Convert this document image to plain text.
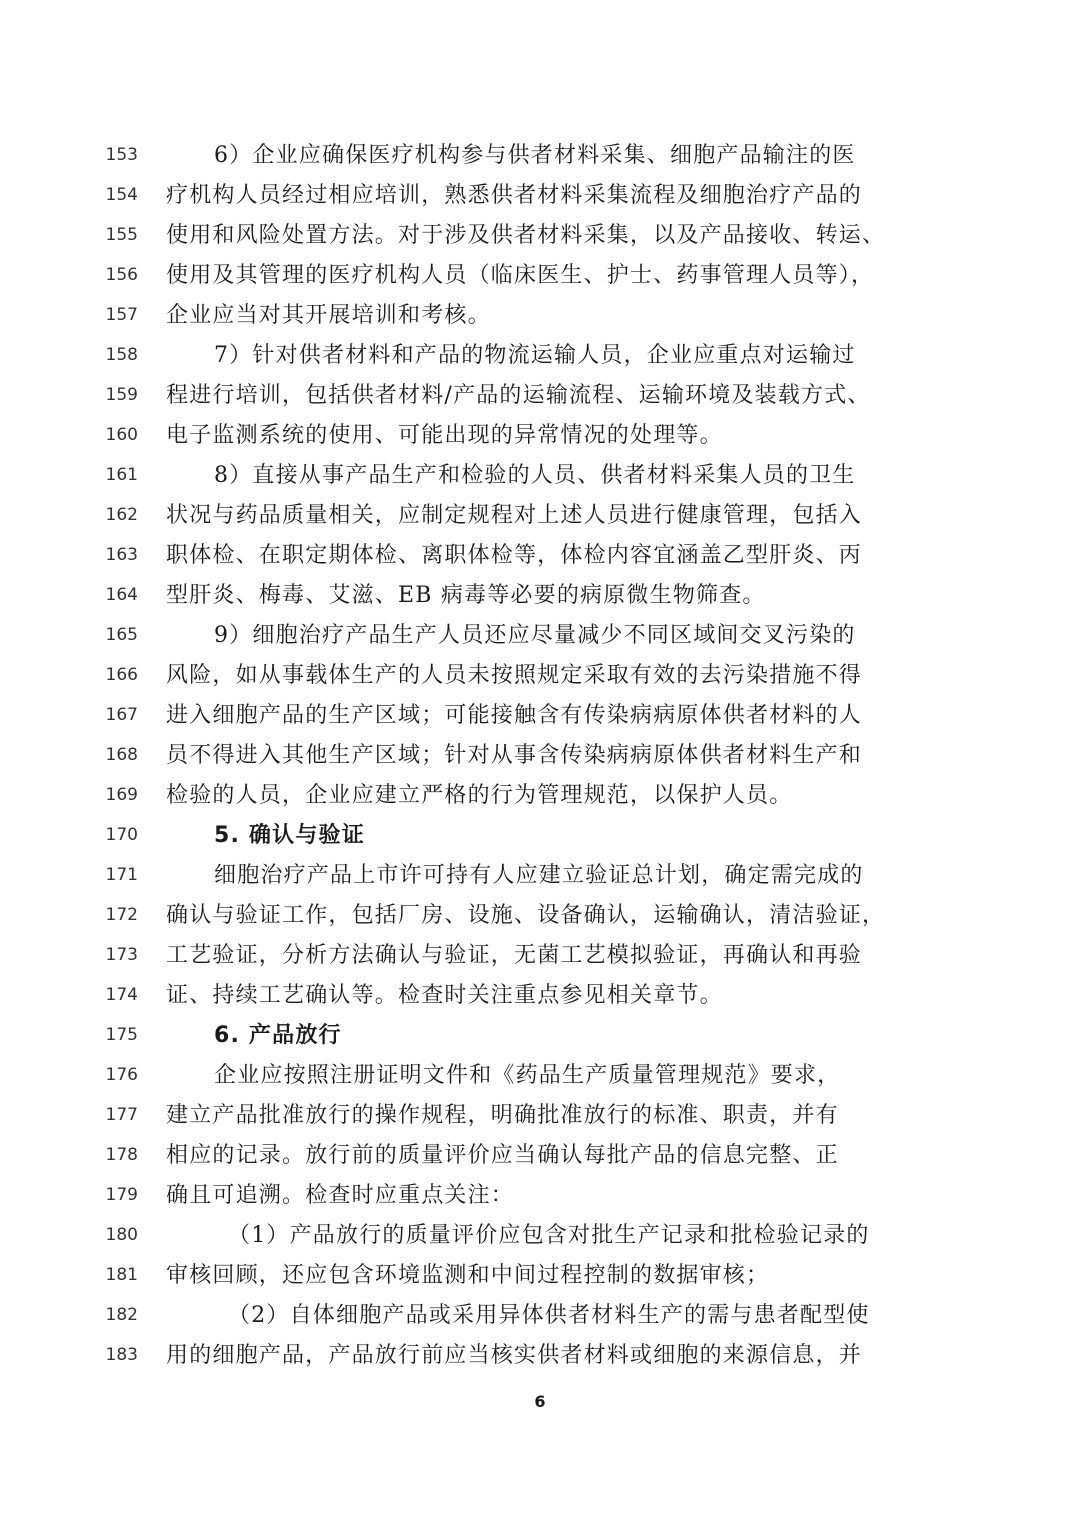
153	6）企业应确保医疗机构参与供者材料采集、细胞产品输注的医
154 疗机构人员经过相应培训，熟悉供者材料采集流程及细胞治疗产品的
155 使用和风险处置方法。对于涉及供者材料采集，以及产品接收、转运、
156 使用及其管理的医疗机构人员（临床医生、护士、药事管理人员等），
157 企业应当对其开展培训和考核。
158	7）针对供者材料和产品的物流运输人员，企业应重点对运输过
159 程进行培训，包括供者材料/产品的运输流程、运输环境及装载方式、
160 电子监测系统的使用、可能出现的异常情况的处理等。
161	8）直接从事产品生产和检验的人员、供者材料采集人员的卫生
162 状况与药品质量相关，应制定规程对上述人员进行健康管理，包括入
163 职体检、在职定期体检、离职体检等，体检内容宜涵盖乙型肝炎、丙
164 型肝炎、梅毒、艾滋、EB 病毒等必要的病原微生物筛查。
165	9）细胞治疗产品生产人员还应尽量减少不同区域间交叉污染的
166 风险，如从事载体生产的人员未按照规定采取有效的去污染措施不得
167 进入细胞产品的生产区域；可能接触含有传染病病原体供者材料的人
168 员不得进入其他生产区域；针对从事含传染病病原体供者材料生产和
169 检验的人员，企业应建立严格的行为管理规范，以保护人员。
170	5. 确认与验证
171	细胞治疗产品上市许可持有人应建立验证总计划，确定需完成的
172 确认与验证工作，包括厂房、设施、设备确认，运输确认，清洁验证，
173 工艺验证，分析方法确认与验证，无菌工艺模拟验证，再确认和再验
174 证、持续工艺确认等。检查时关注重点参见相关章节。
175	6. 产品放行
176	企业应按照注册证明文件和《药品生产质量管理规范》要求，
177 建立产品批准放行的操作规程，明确批准放行的标准、职责，并有
178 相应的记录。放行前的质量评价应当确认每批产品的信息完整、正
179 确且可追溯。检查时应重点关注：
180	（1）产品放行的质量评价应包含对批生产记录和批检验记录的
181 审核回顾，还应包含环境监测和中间过程控制的数据审核；
182	（2）自体细胞产品或采用异体供者材料生产的需与患者配型使
183 用的细胞产品，产品放行前应当核实供者材料或细胞的来源信息，并
6
